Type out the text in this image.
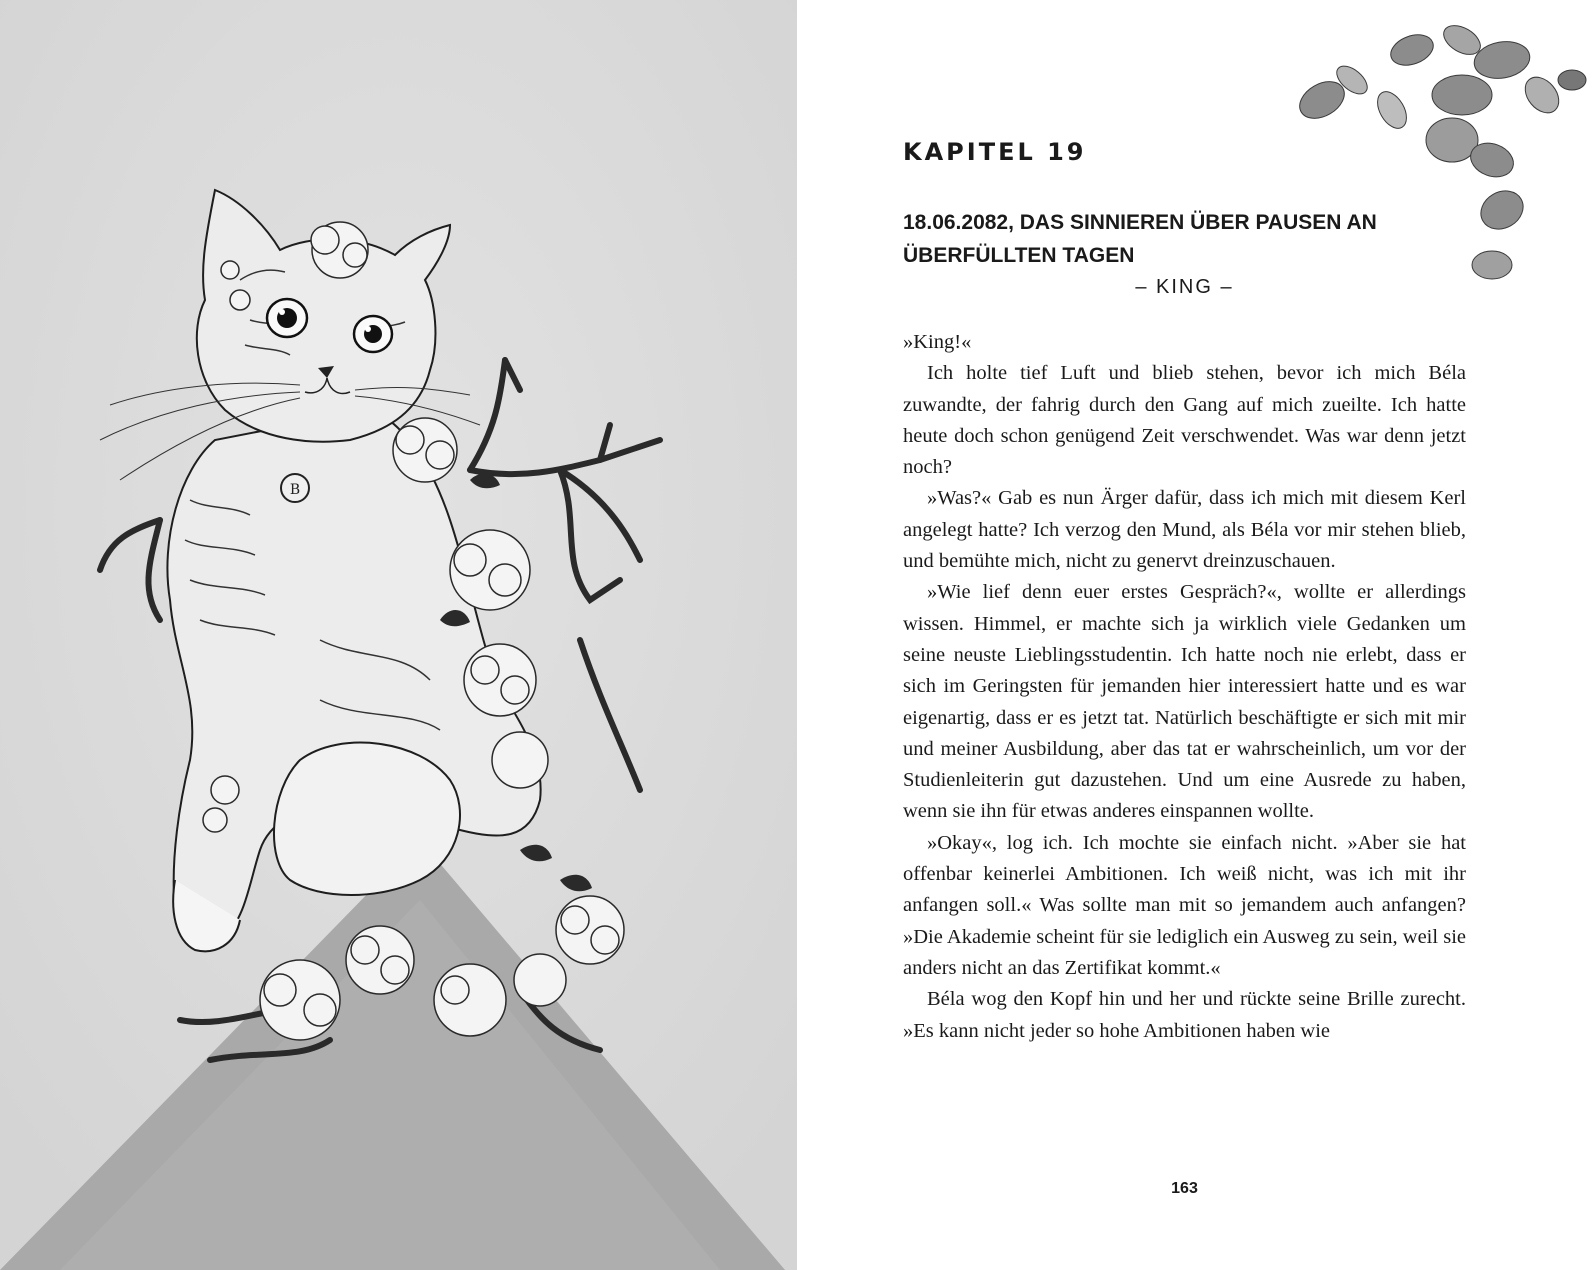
B
KAPITEL 19
18.06.2082, DAS SINNIEREN ÜBER PAUSEN AN ÜBERFÜLLTEN TAGEN
– KING –

»King!«

Ich holte tief Luft und blieb stehen, bevor ich mich Béla zuwandte, der fahrig durch den Gang auf mich zueilte. Ich hatte heute doch schon genügend Zeit verschwendet. Was war denn jetzt noch?

»Was?« Gab es nun Ärger dafür, dass ich mich mit diesem Kerl angelegt hatte? Ich verzog den Mund, als Béla vor mir stehen blieb, und bemühte mich, nicht zu genervt dreinzuschauen.

»Wie lief denn euer erstes Gespräch?«, wollte er allerdings wissen. Himmel, er machte sich ja wirklich viele Gedanken um seine neuste Lieblingsstudentin. Ich hatte noch nie erlebt, dass er sich im Geringsten für jemanden hier interessiert hatte und es war eigenartig, dass er es jetzt tat. Natürlich beschäftigte er sich mit mir und meiner Ausbildung, aber das tat er wahrscheinlich, um vor der Studienleiterin gut dazustehen. Und um eine Ausrede zu haben, wenn sie ihn für etwas anderes einspannen wollte.

»Okay«, log ich. Ich mochte sie einfach nicht. »Aber sie hat offenbar keinerlei Ambitionen. Ich weiß nicht, was ich mit ihr anfangen soll.« Was sollte man mit so jemandem auch anfangen? »Die Akademie scheint für sie lediglich ein Ausweg zu sein, weil sie anders nicht an das Zertifikat kommt.«

Béla wog den Kopf hin und her und rückte seine Brille zurecht. »Es kann nicht jeder so hohe Ambitionen haben wie

163
